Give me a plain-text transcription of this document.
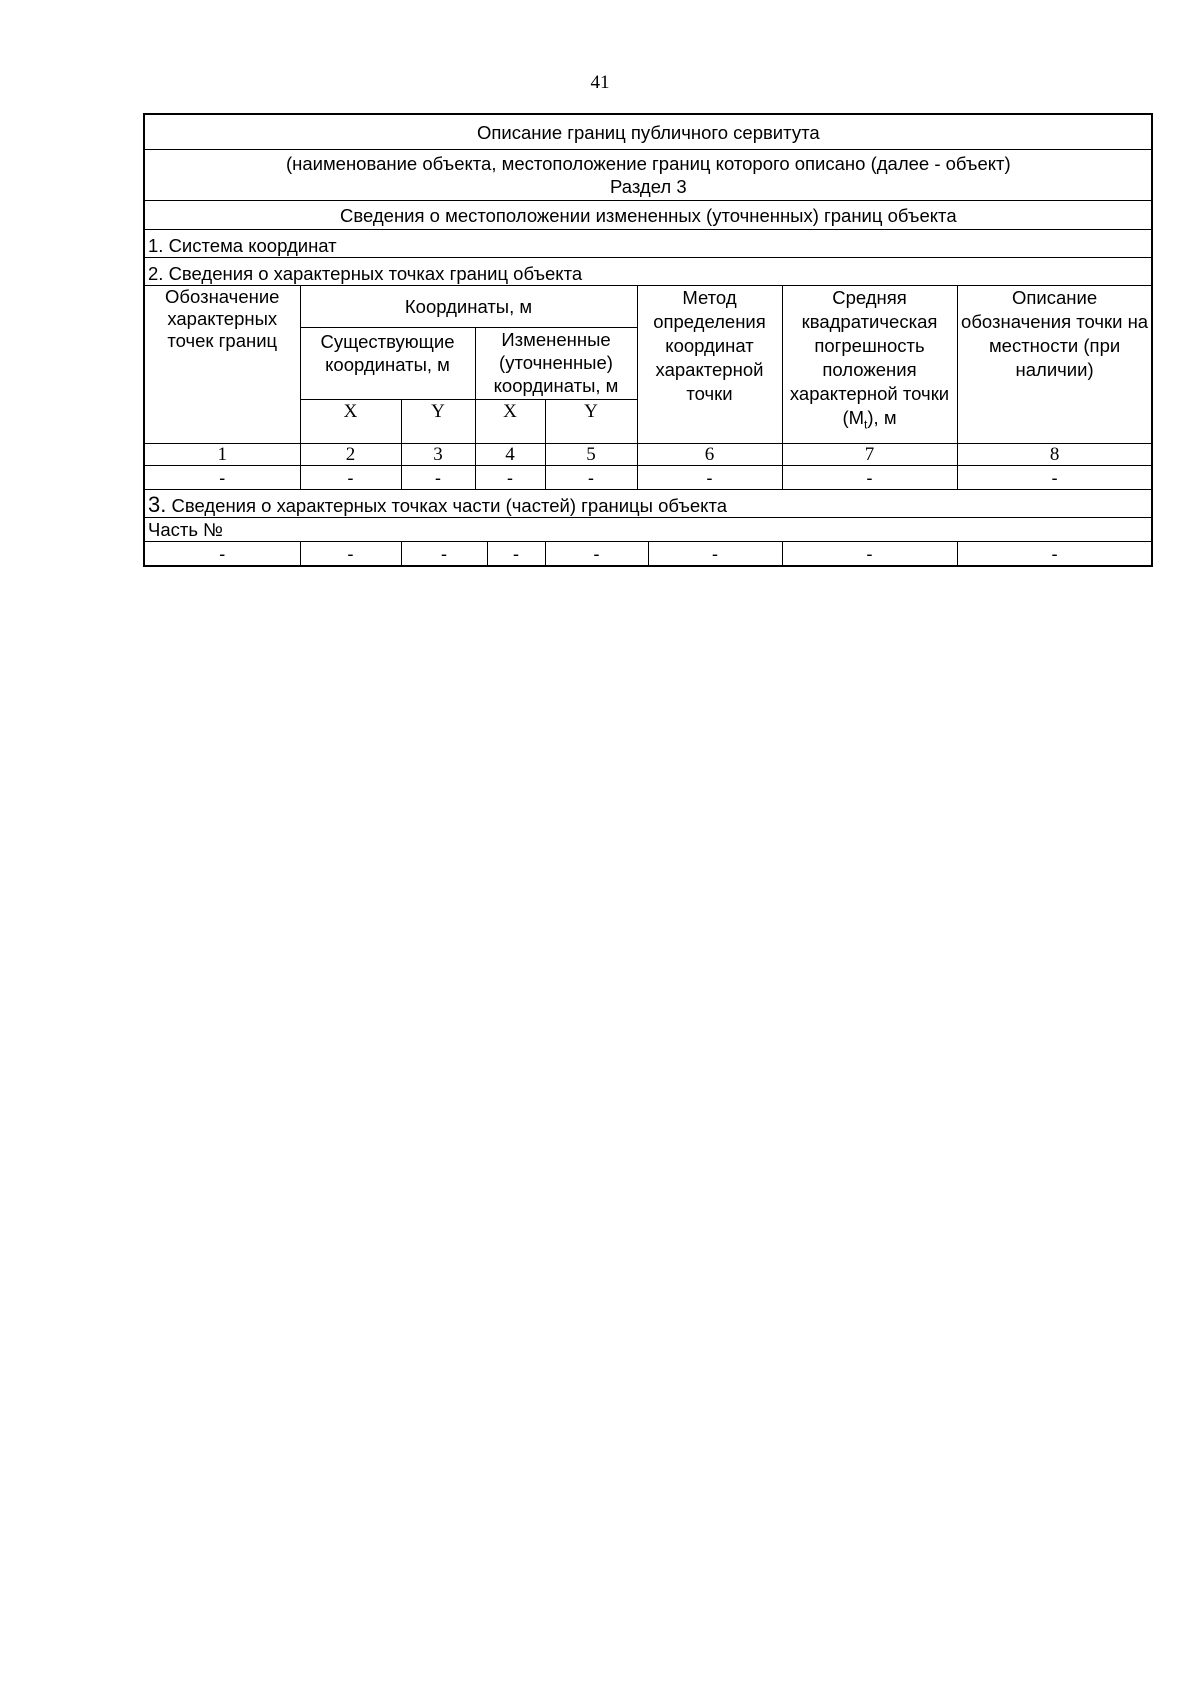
41
Описание границ публичного сервитута										

(наименование объекта, местоположение границ которого описано (далее - объект)
Раздел 3										

Сведения о местоположении измененных (уточненных) границ объекта										
1. Система координат										
2. Сведения о характерных точках границ объекта										
Обозначение характерных точек границ	Координаты, м					Метод определения координат характерной точки		Средняя квадратическая погрешность положения характерной точки $(M_t)$, м	Описание обозначения точки на местности (при наличии)	
	Существующие координаты, м		Измененные (уточненные) координаты, м							
	X	Y	X		Y					
1	2	3	4		5	6		7	8	
-	-	-	-		-	-		-	-	
3. Сведения о характерных точках части (частей) границы объекта										
Часть №										
-	-	-		-	-		-	-	-	
